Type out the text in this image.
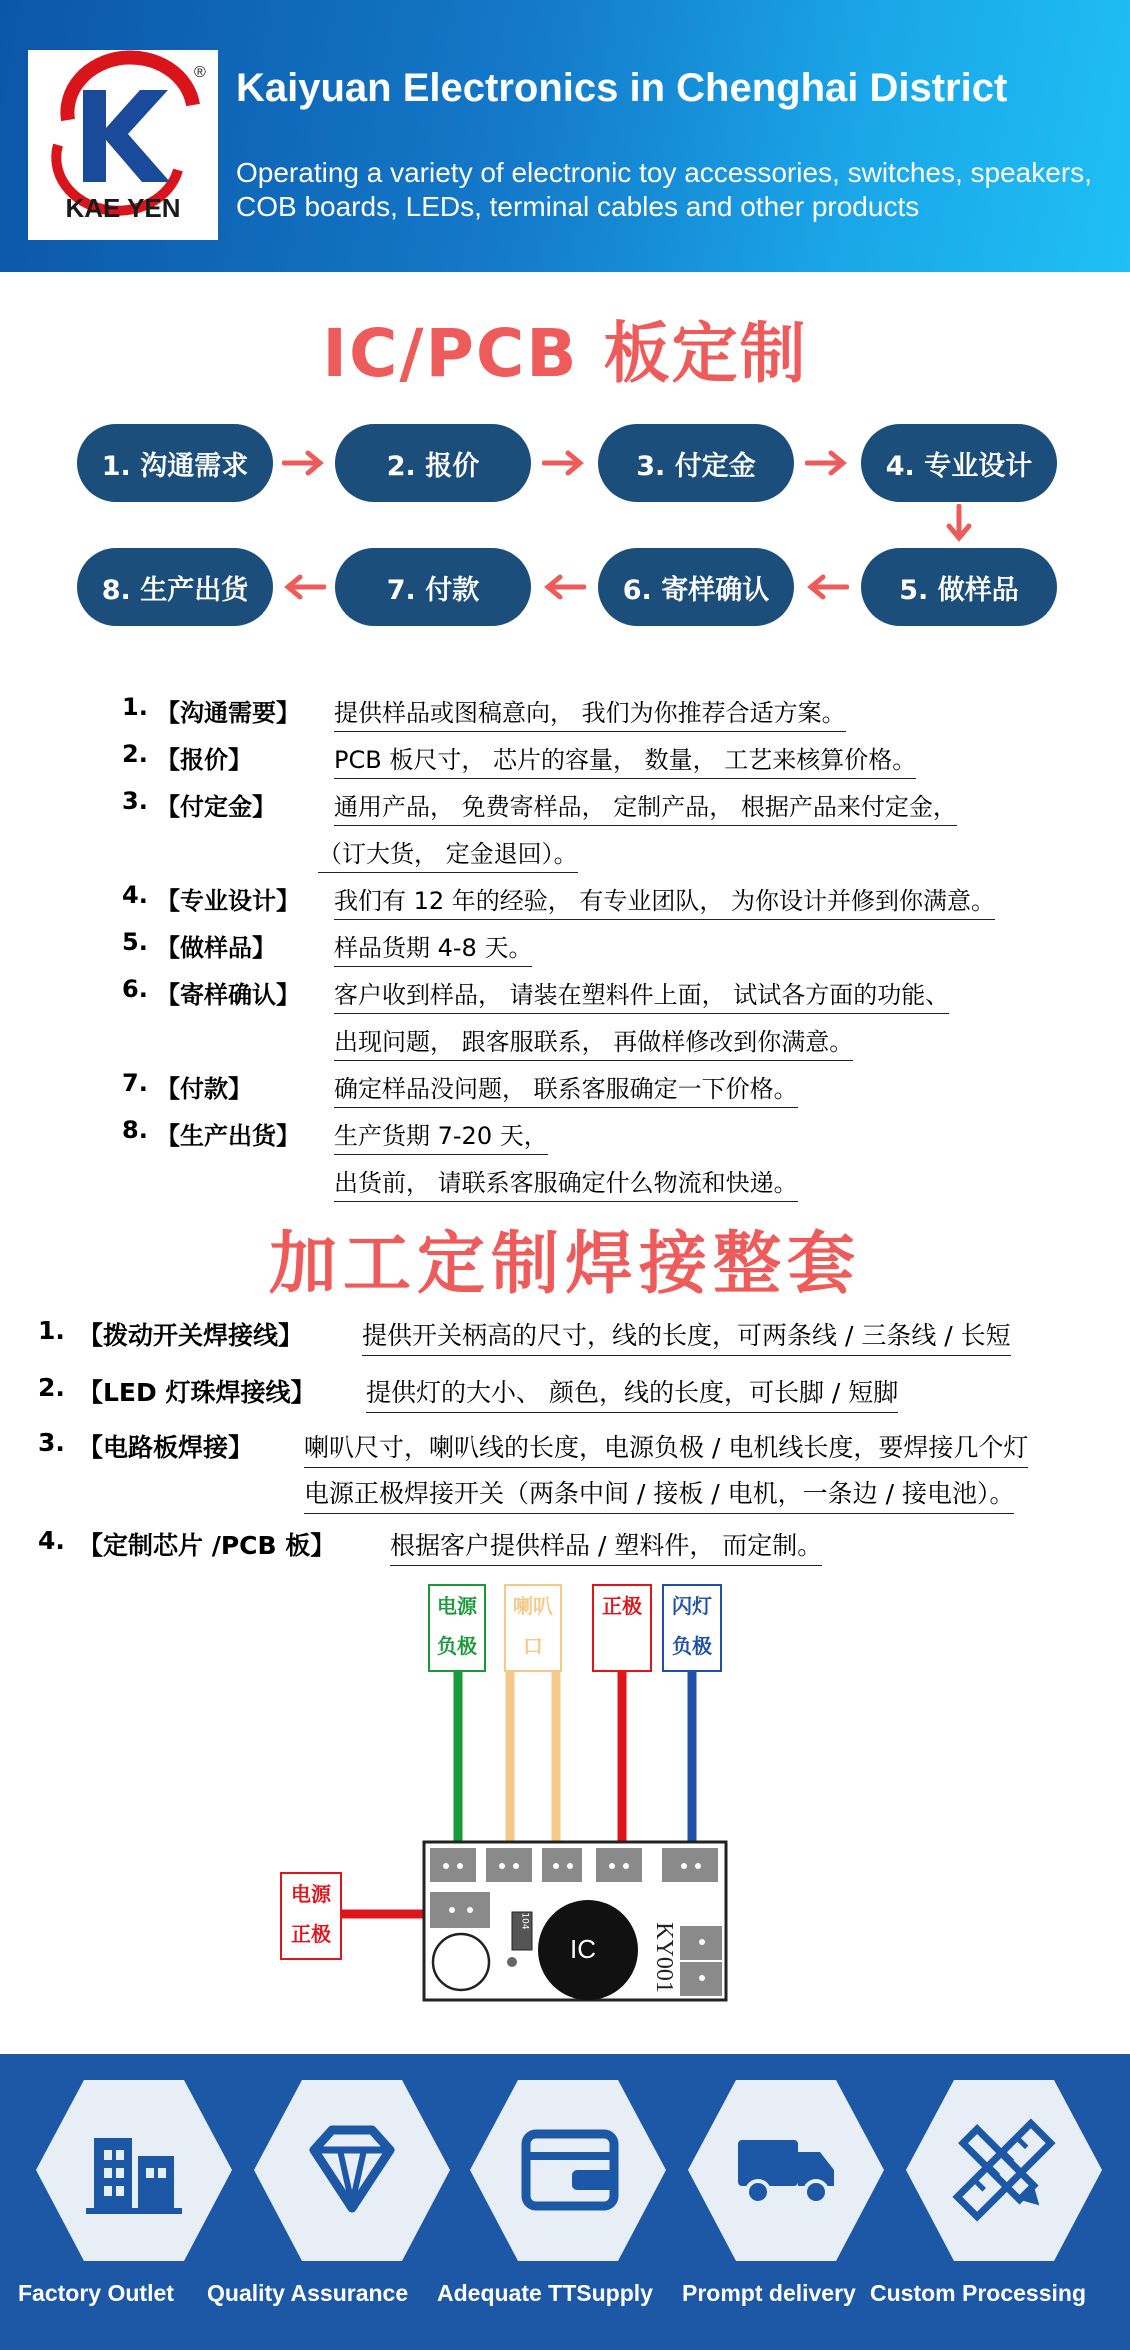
®
KAE YEN
Kaiyuan Electronics in Chenghai District
Operating a variety of electronic toy accessories, switches, speakers, COB boards, LEDs, terminal cables and other products
IC/PCB 板定制
1. 沟通需求	2. 报价	3. 付定金	4. 专业设计
8. 生产出货	7. 付款	6. 寄样确认	5. 做样品
1. 【沟通需要】 提供样品或图稿意向， 我们为你推荐合适方案。
2. 【报价】	PCB 板尺寸， 芯片的容量， 数量， 工艺来核算价格。
3. 【付定金】 通用产品， 免费寄样品， 定制产品， 根据产品来付定金，
（订大货， 定金退回）。
4. 【专业设计】 我们有 12 年的经验， 有专业团队， 为你设计并修到你满意。
5. 【做样品】 样品货期 4-8 天。
6. 【寄样确认】 客户收到样品， 请装在塑料件上面， 试试各方面的功能、
出现问题， 跟客服联系， 再做样修改到你满意。
7. 【付款】	确定样品没问题， 联系客服确定一下价格。
8. 【生产出货】 生产货期 7-20 天，
出货前， 请联系客服确定什么物流和快递。
加工定制焊接整套
1. 【拨动开关焊接线】 提供开关柄高的尺寸，线的长度，可两条线 / 三条线 / 长短
2. 【LED 灯珠焊接线】 提供灯的大小、 颜色，线的长度，可长脚 / 短脚
3. 【电路板焊接】 喇叭尺寸，喇叭线的长度，电源负极 / 电机线长度，要焊接几个灯
电源正极焊接开关（两条中间 / 接板 / 电机，一条边 / 接电池）。
4. 【定制芯片 /PCB 板】 根据客户提供样品 / 塑料件， 而定制。
104
IC KY001
电源
负极
喇叭
口
正极	闪灯
负极
电源
正极
Factory Outlet Quality Assurance Adequate TTSupply Prompt delivery Custom Processing
